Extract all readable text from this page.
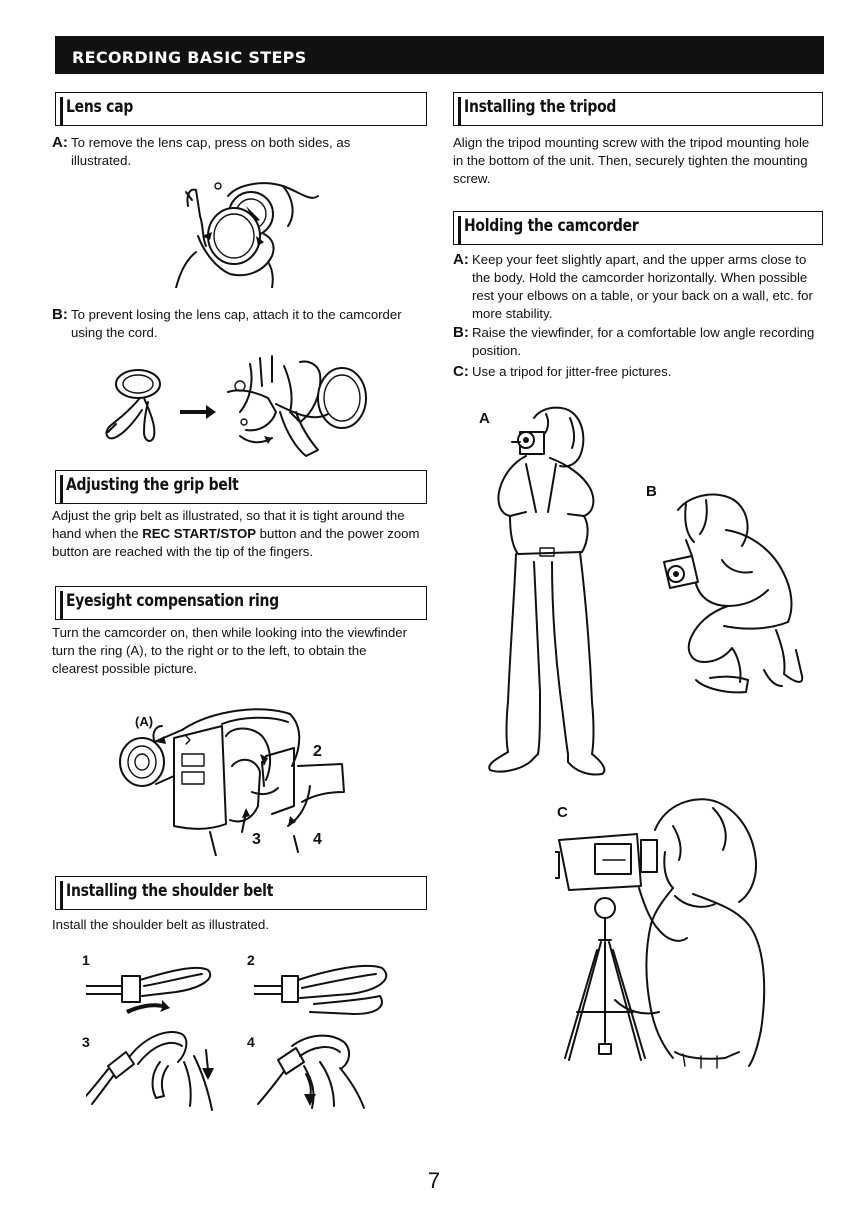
RECORDING BASIC STEPS
Lens cap
A: To remove the lens cap, press on both sides, as illustrated.
B: To prevent losing the lens cap, attach it to the camcorder using the cord.
Adjusting the grip belt

Adjust the grip belt as illustrated, so that it is tight around the hand when the REC START/STOP button and the power zoom button are reached with the tip of the fingers.

Eyesight compensation ring

Turn the camcorder on, then while looking into the viewfinder turn the ring (A), to the right or to the left, to obtain the clearest possible picture.

(A)
2
3	4
Installing the shoulder belt

Install the shoulder belt as illustrated.

1	2
3	4
Installing the tripod

Align the tripod mounting screw with the tripod mounting hole in the bottom of the unit. Then, securely tighten the mounting screw.

Holding the camcorder
A: Keep your feet slightly apart, and the upper arms close to the body. Hold the camcorder horizontally. When possible rest your elbows on a table, or your back on a wall, etc. for more stability.
B: Raise the viewfinder, for a comfortable low angle recording position.
C: Use a tripod for jitter-free pictures.
A
B
C
7
